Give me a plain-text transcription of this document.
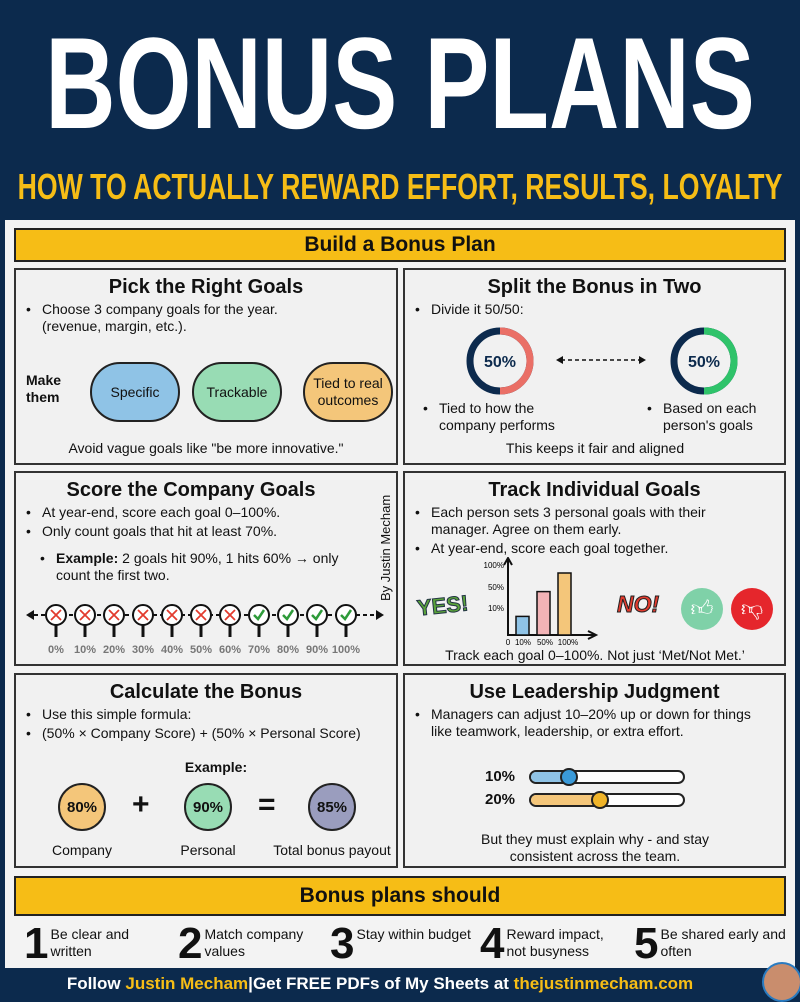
BONUS PLANS
HOW TO ACTUALLY REWARD EFFORT, RESULTS, LOYALTY
Build a Bonus Plan
Pick the Right Goals
• Choose 3 company goals for the year. (revenue, margin, etc.).
Make them	Specific	Trackable
Tied to real outcomes
Avoid vague goals like "be more innovative."
Split the Bonus in Two
• Divide it 50/50:
50%	50%
• Tied to how the company performs
• Based on each person's goals
This keeps it fair and aligned
Score the Company Goals
• At year-end, score each goal 0–100%.
• Only count goals that hit at least 70%.
• Example: 2 goals hit 90%, 1 hits 60% → only count the first two.	By Justin Mecham
0% 10% 20% 30% 40% 50% 60% 70% 80% 90% 100%
Track Individual Goals
• Each person sets 3 personal goals with their manager. Agree on them early.
• At year-end, score each goal together.
YES! 10%
50%
100%
0 10% 50% 100%
NO!	👍︎	👎︎
Track each goal 0–100%. Not just ‘Met/Not Met.’
Calculate the Bonus
• Use this simple formula:
• (50% × Company Score) + (50% × Personal Score)
Example:
80% +	90% =	85%
Company	Personal	Total bonus payout
Use Leadership Judgment
• Managers can adjust 10–20% up or down for things like teamwork, leadership, or extra effort.
10%
20%
But they must explain why - and stay consistent across the team.
Bonus plans should
1 Be clear and written	2 Match company values	3 Stay within budget 4 Reward impact, not busyness	5 Be shared early and often
Follow Justin Mecham|Get FREE PDFs of My Sheets at thejustinmecham.com
